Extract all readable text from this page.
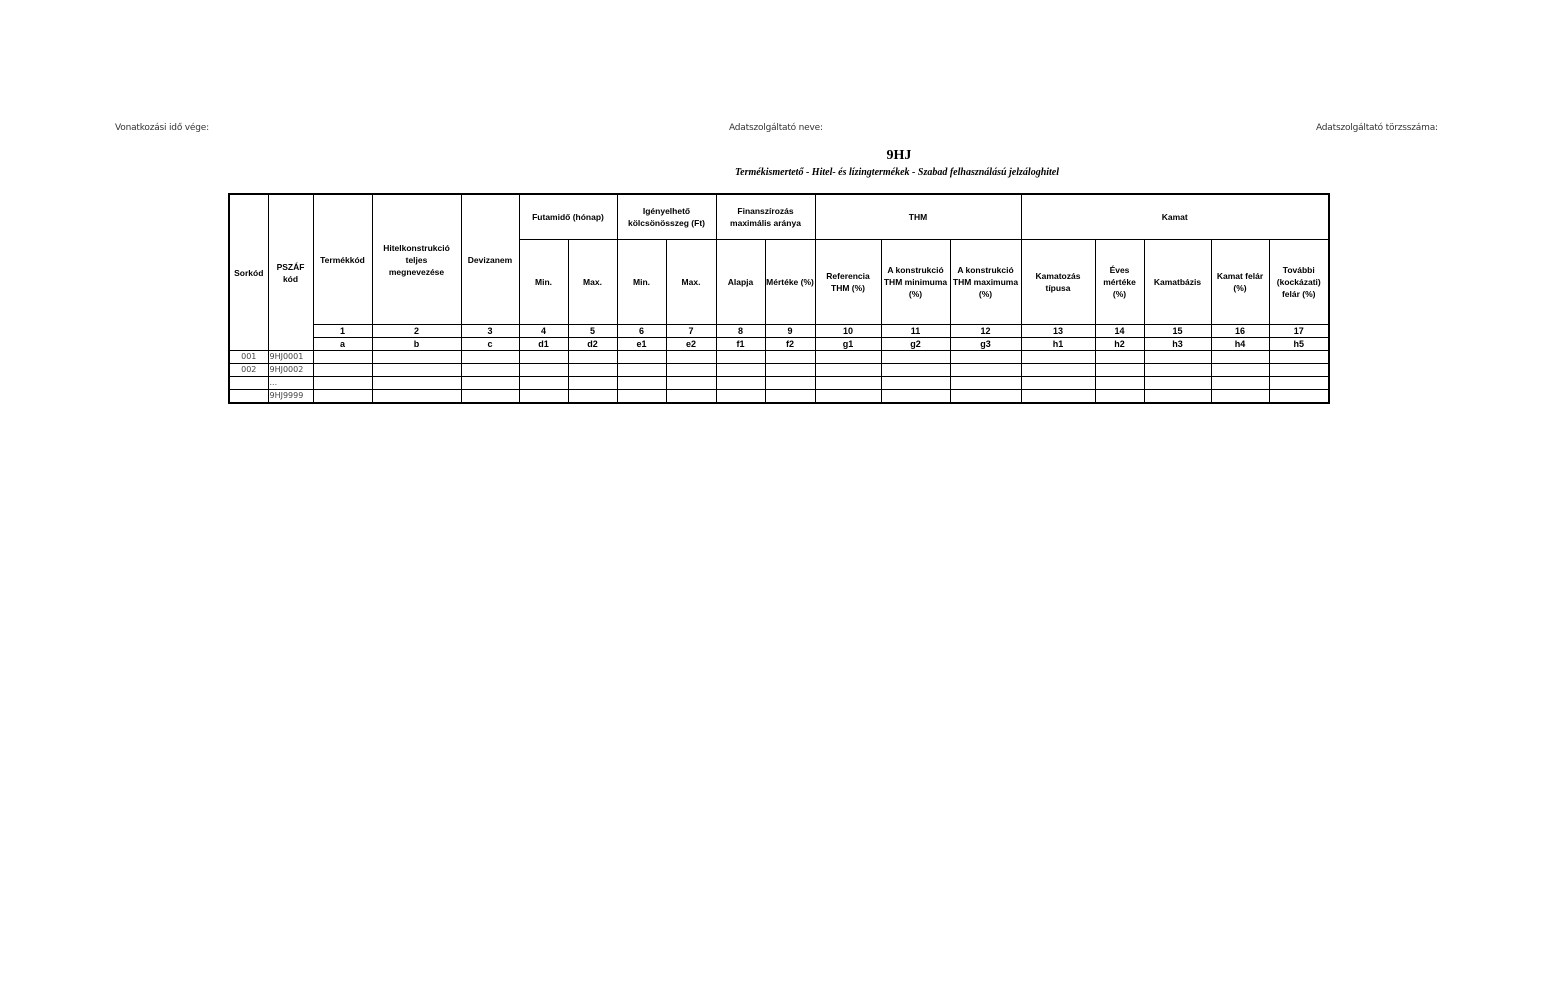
Vonatkozási idő vége:	Adatszolgáltató neve:	Adatszolgáltató törzsszáma:
9HJ
Termékismertető - Hitel- és lízingtermékek - Szabad felhasználású jelzáloghitel
Sorkód	PSZÁF kód	Termékkód	Hitelkonstrukció teljes megnevezése	Devizanem	Futamidő (hónap)		Igényelhető kölcsönösszeg (Ft)		Finanszírozás maximális aránya		THM			Kamat				
					Min.	Max.	Min.	Max.	Alapja	Mértéke (%)	Referencia THM (%)	A konstrukció THM minimuma (%)	A konstrukció THM maximuma (%)	Kamatozás típusa	Éves mértéke (%)	Kamatbázis	Kamat felár (%)	További (kockázati) felár (%)
		1	2	3	4	5	6	7	8	9	10	11	12	13	14	15	16	17
		a	b	c	d1	d2	e1	e2	f1	f2	g1	g2	g3	h1	h2	h3	h4	h5
001	9HJ0001																	
002	9HJ0002																	
	...																	
	9HJ9999																	
